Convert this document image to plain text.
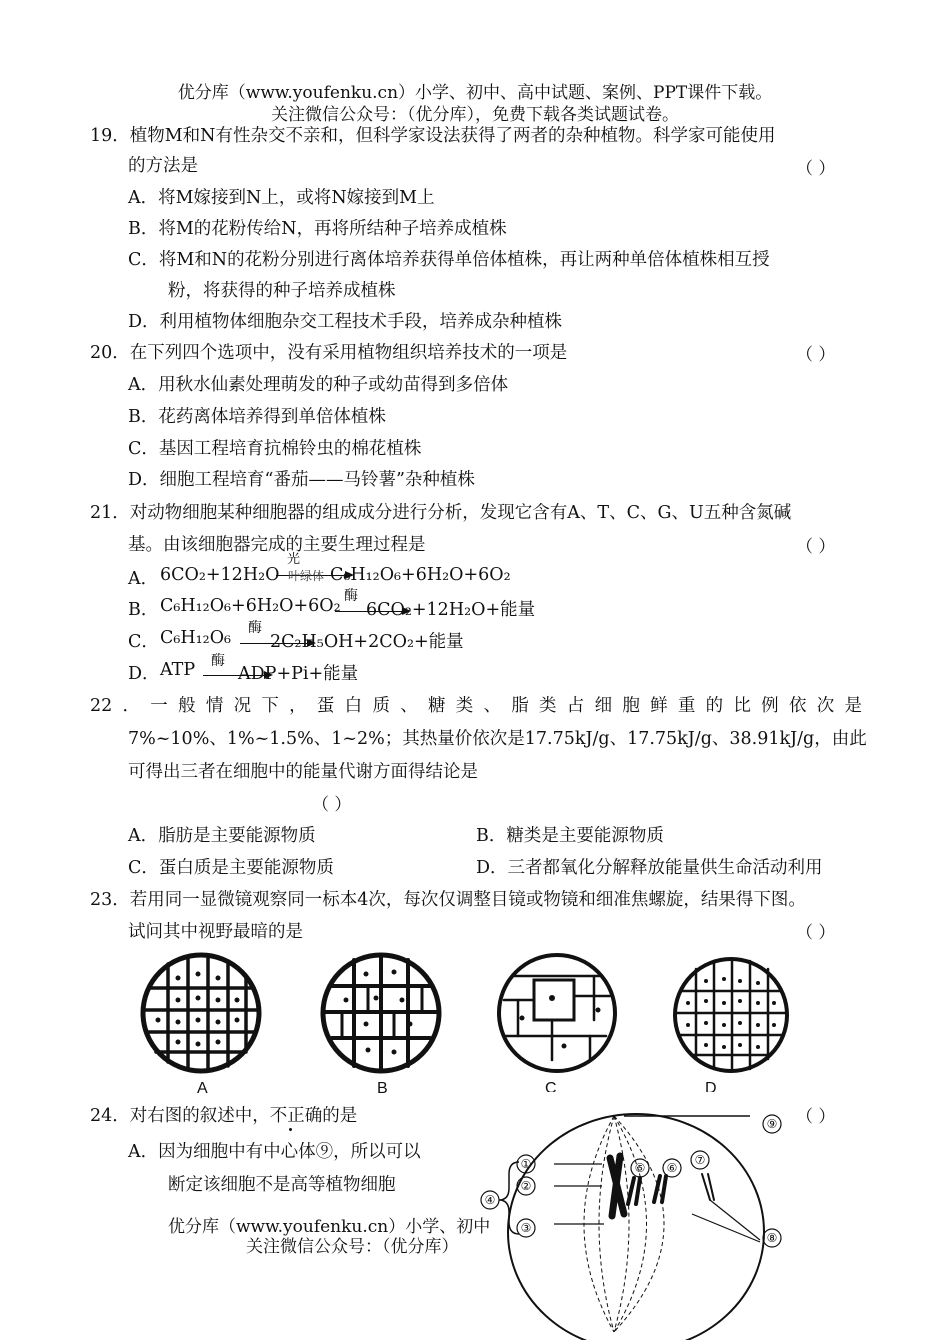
优分库（www.youfenku.cn）小学、初中、高中试题、案例、PPT课件下载。
关注微信公众号：（优分库），免费下载各类试题试卷。
19．植物M和N有性杂交不亲和，但科学家设法获得了两者的杂种植物。科学家可能使用
的方法是	（ ）
A．将M嫁接到N上，或将N嫁接到M上
B．将M的花粉传给N，再将所结种子培养成植株
C．将M和N的花粉分别进行离体培养获得单倍体植株，再让两种单倍体植株相互授
粉，将获得的种子培养成植株
D．利用植物体细胞杂交工程技术手段，培养成杂种植株
20．在下列四个选项中，没有采用植物组织培养技术的一项是	（ ）
A．用秋水仙素处理萌发的种子或幼苗得到多倍体
B．花药离体培养得到单倍体植株
C．基因工程培育抗棉铃虫的棉花植株
D．细胞工程培育“番茄——马铃薯”杂种植株
21．对动物细胞某种细胞器的组成成分进行分析，发现它含有A、T、C、G、U五种含氮碱
基。由该细胞器完成的主要生理过程是	（ ）
A． 6CO₂+12H₂O
光
叶绿体 C₆H₁₂O₆+6H₂O+6O₂
B． C₆H₁₂O₆+6H₂O+6O₂ 酶
6CO₂+12H₂O+能量
C． C₆H₁₂O₆ 酶
2C₂H₅OH+2CO₂+能量
D． ATP 酶
ADP+Pi+能量
22．一般情况下，蛋白质、糖类、脂类占细胞鲜重的比例依次是
7%~10%、1%~1.5%、1~2%；其热量价依次是17.75kJ/g、17.75kJ/g、38.91kJ/g，由此
可得出三者在细胞中的能量代谢方面得结论是
（ ）
A．脂肪是主要能源物质	B．糖类是主要能源物质
C．蛋白质是主要能源物质	D．三者都氧化分解释放能量供生命活动利用
23．若用同一显微镜观察同一标本4次，每次仅调整目镜或物镜和细准焦螺旋，结果得下图。
试问其中视野最暗的是	（ ）
A	B	C	D
24．对右图的叙述中，不正确的是	（ ）
A．因为细胞中有中心体⑨，所以可以
断定该细胞不是高等植物细胞
①
②
③
④
⑤ ⑥
⑦
⑧
⑨
优分库（www.youfenku.cn）小学、初中
关注微信公众号：（优分库）
